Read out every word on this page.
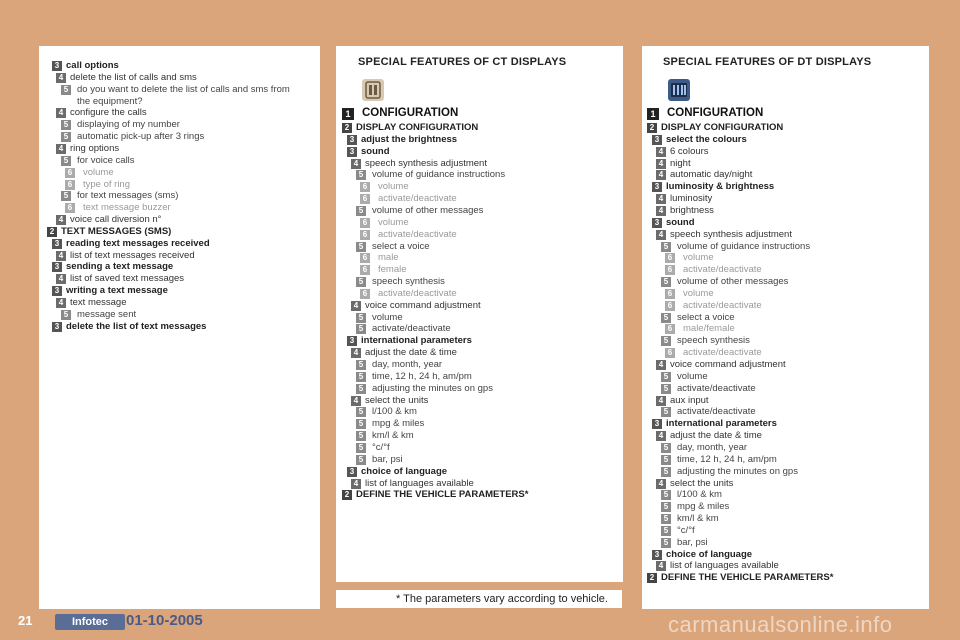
3 call options
4 delete the list of calls and sms
5 do you want to delete the list of calls and sms from
the equipment?
4 configure the calls
5 displaying of my number
5 automatic pick-up after 3 rings
4 ring options
5 for voice calls
6 volume
6 type of ring
5 for text messages (sms)
6 text message buzzer
4 voice call diversion n°
2 TEXT MESSAGES (SMS)
3 reading text messages received
4 list of text messages received
3 sending a text message
4 list of saved text messages
3 writing a text message
4 text message
5 message sent
3 delete the list of text messages
SPECIAL FEATURES OF CT DISPLAYS
1	CONFIGURATION
2 DISPLAY CONFIGURATION
3 adjust the brightness
3 sound
4 speech synthesis adjustment
5 volume of guidance instructions
6 volume
6 activate/deactivate
5 volume of other messages
6 volume
6 activate/deactivate
5 select a voice
6 male
6 female
5 speech synthesis
6 activate/deactivate
4 voice command adjustment
5 volume
5 activate/deactivate
3 international parameters
4 adjust the date & time
5 day, month, year
5 time, 12 h, 24 h, am/pm
5 adjusting the minutes on gps
4 select the units
5 l/100 & km
5 mpg & miles
5 km/l & km
5 °c/°f
5 bar, psi
3 choice of language
4 list of languages available
2 DEFINE THE VEHICLE PARAMETERS*
SPECIAL FEATURES OF DT DISPLAYS
1	CONFIGURATION
2 DISPLAY CONFIGURATION
3 select the colours
4 6 colours
4 night
4 automatic day/night
3 luminosity & brightness
4 luminosity
4 brightness
3 sound
4 speech synthesis adjustment
5 volume of guidance instructions
6 volume
6 activate/deactivate
5 volume of other messages
6 volume
6 activate/deactivate
5 select a voice
6 male/female
5 speech synthesis
6 activate/deactivate
4 voice command adjustment
5 volume
5 activate/deactivate
4 aux input
5 activate/deactivate
3 international parameters
4 adjust the date & time
5 day, month, year
5 time, 12 h, 24 h, am/pm
5 adjusting the minutes on gps
4 select the units
5 l/100 & km
5 mpg & miles
5 km/l & km
5 °c/°f
5 bar, psi
3 choice of language
4 list of languages available
2 DEFINE THE VEHICLE PARAMETERS*
* The parameters vary according to vehicle.
21	Infotec	01-10-2005	carmanualsonline.info
